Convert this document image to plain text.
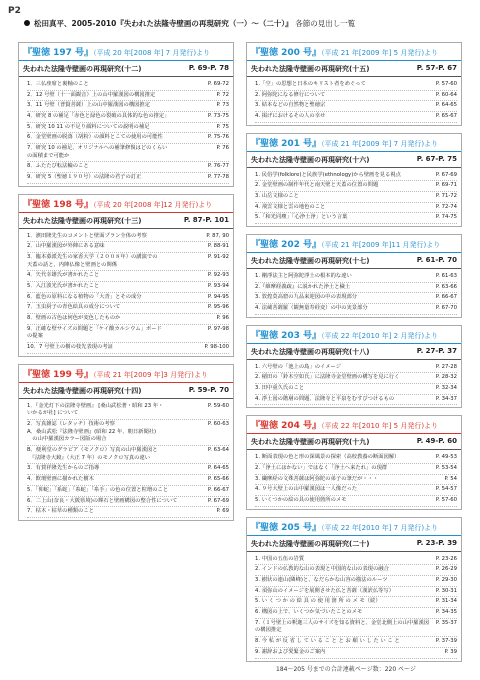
P2
松田真平、2005-2010『失われた法隆寺壁画の再現研究（一）～（二十）』 各節の見出し一覧
『聖徳 197 号』（平成 20 年[2008 年] 7 月発行)より
失われた法隆寺壁画の再現研究(十二)	P. 69-P. 78
1．三仏座席と裏軸のこと	P. 69-72
2．12 号壁（十一面観音）上の山中羅漢図の構図推定	P. 72
3．11 号壁（普賢菩薩）上の山中羅漢図の構図推定	P. 73
4．研究 8 の補足「赤色と緑色の裂破の具体的な色の推定」	P. 73-75
5．研究 10 11 の不足り顔料についての説明の補足	P. 75
6．金堂壁画の脱落（胡粉）の顔料とこての使用の可能性	P. 75-76
7．研究 10 の補足、オリジナルへの補筆修復はどのくらい
の面積まで可能か
P. 76
8．ふたたび転法輪のこと	P. 76-77
9．研究 5（聖徳１９０号）の法隆の君子の訂正	P. 77-78
『聖徳 198 号』（平成 20 年[2008 年]12 月発行)より
失われた法隆寺壁画の再現研究(十三)	P. 87-P. 101
1．濱田隆先生のコメントと壁面プラン全体の考察	P. 87, 90
2．山中羅漢図が外陣にある意味	P. 88-91
3．臨本募派先生の家香大学（２００８年）の講演での
天蓋の話と、内陣仏像と壁画との関係
P. 91-92
4．矢代幸雄氏が書かれたこと	P. 92-93
5．入江波光氏が書かれたこと	P. 93-94
6．藍色の原料になる植物の「大青」とその成分	P. 94-95
7．玉虫厨子の青色絵具の成分について	P. 95-96
8．壁画の古色は何色が変色したものか	P. 96
9．正確な壁サイズの問題と「ケイ酸カルシウム」ボード
の提案
P. 97-98
10．7 号壁上の樹の枝先表現の考証	P. 98-100
『聖徳 199 号』（平成 21 年[2009 年]3 月発行)より
失われた法隆寺壁画の再現研究(十四)	P. 59-P. 70
1．『金光灯下の法隆寺壁画』 [桑山武松著・昭和 23 年・
いかるが社] について
P. 59-60
2．写真雑誌（レタッチ）技術の考察
A．桑山武松『法隆寺壁画』(昭和 22 年、朝日新聞社)
　の山中羅漢図カラー図版の場合
P. 60-63
B．便利堂のグラビア（モノクロ）写真の山中羅漢図と
　『法隆寺大鏡』（大正 7 年）のモノクロ写真の違い
P. 63-64
3．有賀祥隆先生からのご指導	P. 64-65
4．飲壇壁画に描かれた樹木	P. 65-66
5．「仰蛇」「系蛇」「糸蛇」「糸手」の色の位置と粒増のこと	P. 66-67
6．二上山(奈良・大阪県境)の輝石と壁画構図の整合性について	P. 67-69
7．枯木・枯草の種類のこと	P. 69
『聖徳 200 号』（平成 21 年[2009 年] 5 月発行)より
失われた法隆寺壁画の再現研究(十五)	P. 57-P. 67
1.「空」の思想と日本のキリスト者をめぐって	P. 57-60
2. 阿弥陀になる修行について	P. 60-64
3. 結本などの自然物と聖徳宗	P. 64-65
4. 掲げにおけるその人の幸せ	P. 65-67
『聖徳 201 号』（平成 21 年[2009 年] 7 月発行)より
失われた法隆寺壁画の再現研究(十六)	P. 67-P. 75
1. 民俗学(folklore)と民族学(ethnology)から壁画を見る視点	P. 67-69
2. 金堂壁画の制作年代と南天壁と天蓋の位置の問題	P. 69-71
3. 山岳文様のこと	P. 71-72
4. 飛雲文様と雲の地色のこと	P. 72-74
5.「和光同塵」「心浄土浄」という言葉	P. 74-75
『聖徳 202 号』（平成 21 年[2009 年]11 月発行)より
失われた法隆寺壁画の再現研究(十七)	P. 61-P. 70
1. 剛淨法主と阿弥陀淨土の根本的な違い	P. 61-63
2.『維摩経義疏』に説かれた浄土と穢土	P. 63-66
3. 敦煌莫高窟の九品来迎図の中の表現部分	P. 66-67
4. 法蔵菩薩羅（観無量寿経変）の中の実景部分	P. 67-70
『聖徳 203 号』（平成 22 年[2010 年] 2 月発行)より
失われた法隆寺壁画の再現研究(十八)	P. 27-P. 37
1. 六号壁の「池上の島」のイメージ	P. 27-28
2. 稲田の「鈴木空如氏」に法隆寺金堂壁画の構写を見に行く	P. 28-32
3. 田中重久氏のこと	P. 32-34
4. 淨土図の階層の問題、法隆寺と平泉をむすびつけるもの	P. 34-37
『聖徳 204 号』（平成 22 年[2010 年] 5 月発行)より
失われた法隆寺壁画の再現研究(十九)	P. 49-P. 60
1. 断面表現の色と形の深風景の探索（高校教養の断面図解）	P. 49-53
2.「浄土にはかない」ではなく「浄土へ来たれ」の現群	P. 53-54
3. 繊摩経の文殊菩薩は阿弥陀の弟子の筆だが・・・	P. 54
4. ９号大壁上の山中羅漢図は一人像だった	P. 54-57
5. いくつかの絵の具の使用箇所のメモ	P. 57-60
『聖徳 205 号』（平成 22 年[2010 年] 7 月発行)より
失われた法隆寺壁画の再現研究(二十)	P. 23-P. 39
1. 中国の五伍の岩質	P. 23-26
2. インドの仏教的な山の表現と中国的な山の表現の融合	P. 26-29
3. 樹状の連山(隣峰)と、なだらかな山容の描法のルーツ	P. 29-30
4. 須弥山のイメージを展開させた仏と菩薩（漢訳仏等写）	P. 30-31
5. い く つ か の 絵 具 の 使 用 箇 所 の メ モ（続）	P. 31-34
6. 構図の上で、いくつか気づいたことのメモ	P. 34-35
7.（１号壁上の釈迦三人のサイズを知る資料と、金堂北側上の山中羅漢図の構図推定
P. 35-37
8. 今 私 が 反 省 し て い る こ と と お 願 い し た い こ と	P. 37-39
9. 謝辞および愛緊金のご案内	P. 39
184～205 号までの合計連載ページ数：220 ページ
